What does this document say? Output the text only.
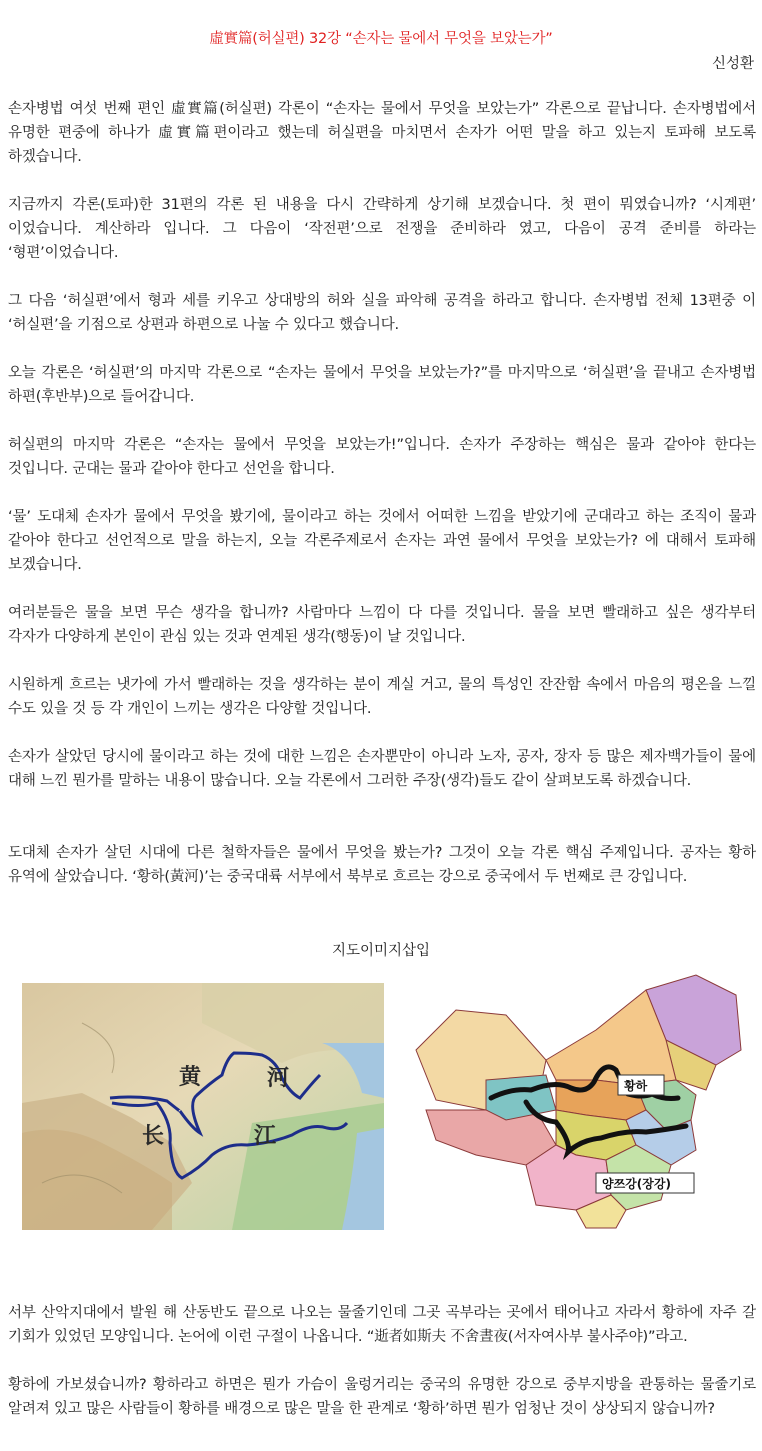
虛實篇(허실편) 32강 “손자는 물에서 무엇을 보았는가”
신성환
손자병법 여섯 번째 편인 虛實篇(허실편) 각론이 “손자는 물에서 무엇을 보았는가” 각론으로 끝납니다. 손자병법에서 유명한 편중에 하나가 虛實篇편이라고 했는데 허실편을 마치면서 손자가 어떤 말을 하고 있는지 토파해 보도록 하겠습니다.
지금까지 각론(토파)한 31편의 각론 된 내용을 다시 간략하게 상기해 보겠습니다. 첫 편이 뭐였습니까? ‘시계편’ 이었습니다. 계산하라 입니다. 그 다음이 ‘작전편’으로 전쟁을 준비하라 였고, 다음이 공격 준비를 하라는 ‘형편’이었습니다.
그 다음 ‘허실편’에서 형과 세를 키우고 상대방의 허와 실을 파악해 공격을 하라고 합니다. 손자병법 전체 13편중 이 ‘허실편’을 기점으로 상편과 하편으로 나눌 수 있다고 했습니다.
오늘 각론은 ‘허실편’의 마지막 각론으로 “손자는 물에서 무엇을 보았는가?”를 마지막으로 ‘허실편’을 끝내고 손자병법 하편(후반부)으로 들어갑니다.
허실편의 마지막 각론은 “손자는 물에서 무엇을 보았는가!”입니다. 손자가 주장하는 핵심은 물과 같아야 한다는 것입니다. 군대는 물과 같아야 한다고 선언을 합니다.
‘물’ 도대체 손자가 물에서 무엇을 봤기에, 물이라고 하는 것에서 어떠한 느낌을 받았기에 군대라고 하는 조직이 물과 같아야 한다고 선언적으로 말을 하는지, 오늘 각론주제로서 손자는 과연 물에서 무엇을 보았는가? 에 대해서 토파해 보겠습니다.
여러분들은 물을 보면 무슨 생각을 합니까? 사람마다 느낌이 다 다를 것입니다. 물을 보면 빨래하고 싶은 생각부터 각자가 다양하게 본인이 관심 있는 것과 연계된 생각(행동)이 날 것입니다.
시원하게 흐르는 냇가에 가서 빨래하는 것을 생각하는 분이 계실 거고, 물의 특성인 잔잔함 속에서 마음의 평온을 느낄 수도 있을 것 등 각 개인이 느끼는 생각은 다양할 것입니다.
손자가 살았던 당시에 물이라고 하는 것에 대한 느낌은 손자뿐만이 아니라 노자, 공자, 장자 등 많은 제자백가들이 물에 대해 느낀 뭔가를 말하는 내용이 많습니다. 오늘 각론에서 그러한 주장(생각)들도 같이 살펴보도록 하겠습니다.
도대체 손자가 살던 시대에 다른 철학자들은 물에서 무엇을 봤는가? 그것이 오늘 각론 핵심 주제입니다. 공자는 황하 유역에 살았습니다. ‘황하(黃河)’는 중국대륙 서부에서 북부로 흐르는 강으로 중국에서 두 번째로 큰 강입니다.
지도이미지삽입
黄	河
长	江
황하
양쯔강(장강)
서부 산악지대에서 발원 해 산동반도 끝으로 나오는 물줄기인데 그곳 곡부라는 곳에서 태어나고 자라서 황하에 자주 갈 기회가 있었던 모양입니다. 논어에 이런 구절이 나옵니다. “逝者如斯夫 不舍晝夜(서자여사부 불사주야)”라고.
황하에 가보셨습니까? 황하라고 하면은 뭔가 가슴이 울렁거리는 중국의 유명한 강으로 중부지방을 관통하는 물줄기로 알려져 있고 많은 사람들이 황하를 배경으로 많은 말을 한 관계로 ‘황하’하면 뭔가 엄청난 것이 상상되지 않습니까?
